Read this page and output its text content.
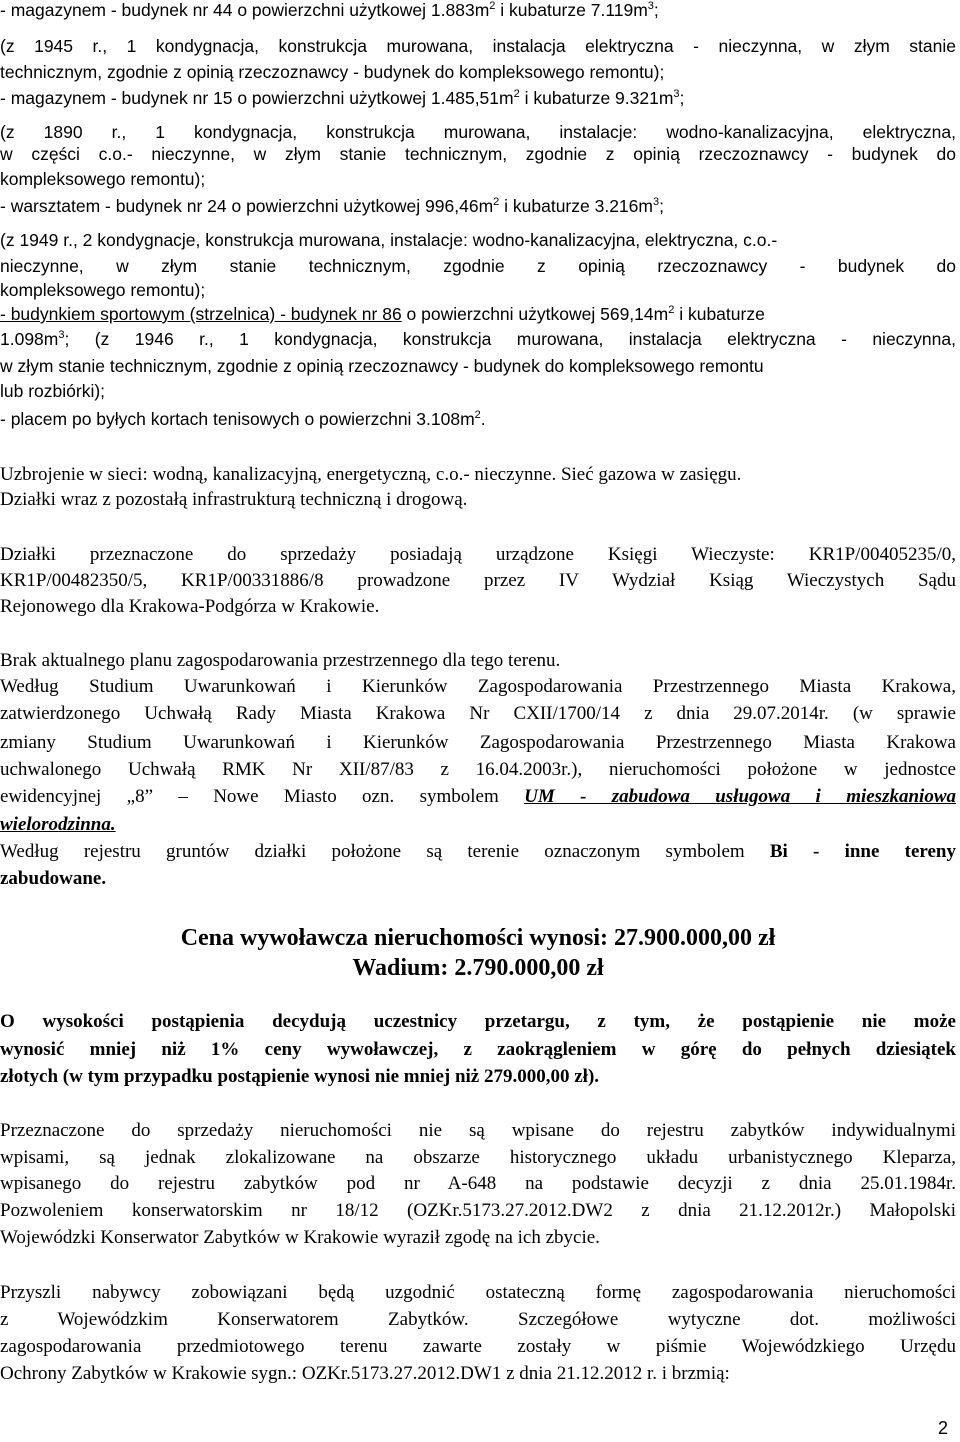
- magazynem - budynek nr 44 o powierzchni użytkowej $1.883m^2$ i kubaturze $7.119m^3$;
(z 1945 r., 1 kondygnacja, konstrukcja murowana, instalacja elektryczna - nieczynna, w złym stanie
technicznym, zgodnie z opinią rzeczoznawcy - budynek do kompleksowego remontu);
- magazynem - budynek nr 15 o powierzchni użytkowej $1.485,51m^2$ i kubaturze $9.321m^3$;
(z 1890 r., 1 kondygnacja, konstrukcja murowana, instalacje: wodno-kanalizacyjna, elektryczna,
w części c.o.- nieczynne, w złym stanie technicznym, zgodnie z opinią rzeczoznawcy - budynek do
kompleksowego remontu);
- warsztatem - budynek nr 24 o powierzchni użytkowej $996,46m^2$ i kubaturze $3.216m^3$;
(z 1949 r., 2 kondygnacje, konstrukcja murowana, instalacje: wodno-kanalizacyjna, elektryczna, c.o.-
nieczynne, w złym stanie technicznym, zgodnie z opinią rzeczoznawcy - budynek do
kompleksowego remontu);
- budynkiem sportowym (strzelnica) - budynek nr 86 o powierzchni użytkowej $569,14m^2$ i kubaturze
$1.098m^3$; (z 1946 r., 1 kondygnacja, konstrukcja murowana, instalacja elektryczna - nieczynna,
w złym stanie technicznym, zgodnie z opinią rzeczoznawcy - budynek do kompleksowego remontu
lub rozbiórki);
- placem po byłych kortach tenisowych o powierzchni $3.108m^2$.
Uzbrojenie w sieci: wodną, kanalizacyjną, energetyczną, c.o.- nieczynne. Sieć gazowa w zasięgu.
Działki wraz z pozostałą infrastrukturą techniczną i drogową.
Działki przeznaczone do sprzedaży posiadają urządzone Księgi Wieczyste: KR1P/00405235/0,
KR1P/00482350/5, KR1P/00331886/8 prowadzone przez IV Wydział Ksiąg Wieczystych Sądu
Rejonowego dla Krakowa-Podgórza w Krakowie.
Brak aktualnego planu zagospodarowania przestrzennego dla tego terenu.
Według Studium Uwarunkowań i Kierunków Zagospodarowania Przestrzennego Miasta Krakowa,
zatwierdzonego Uchwałą Rady Miasta Krakowa Nr CXII/1700/14 z dnia 29.07.2014r. (w sprawie
zmiany Studium Uwarunkowań i Kierunków Zagospodarowania Przestrzennego Miasta Krakowa
uchwalonego Uchwałą RMK Nr XII/87/83 z 16.04.2003r.), nieruchomości położone w jednostce
ewidencyjnej „8” – Nowe Miasto ozn. symbolem UM - zabudowa usługowa i mieszkaniowa
wielorodzinna.
Według rejestru gruntów działki położone są terenie oznaczonym symbolem Bi - inne tereny
zabudowane.
Cena wywoławcza nieruchomości wynosi: 27.900.000,00 zł
Wadium: 2.790.000,00 zł
O wysokości postąpienia decydują uczestnicy przetargu, z tym, że postąpienie nie może
wynosić mniej niż 1% ceny wywoławczej, z zaokrągleniem w górę do pełnych dziesiątek
złotych (w tym przypadku postąpienie wynosi nie mniej niż 279.000,00 zł).
Przeznaczone do sprzedaży nieruchomości nie są wpisane do rejestru zabytków indywidualnymi
wpisami, są jednak zlokalizowane na obszarze historycznego układu urbanistycznego Kleparza,
wpisanego do rejestru zabytków pod nr A-648 na podstawie decyzji z dnia 25.01.1984r.
Pozwoleniem konserwatorskim nr 18/12 (OZKr.5173.27.2012.DW2 z dnia 21.12.2012r.) Małopolski
Wojewódzki Konserwator Zabytków w Krakowie wyraził zgodę na ich zbycie.
Przyszli nabywcy zobowiązani będą uzgodnić ostateczną formę zagospodarowania nieruchomości
z Wojewódzkim Konserwatorem Zabytków. Szczegółowe wytyczne dot. możliwości
zagospodarowania przedmiotowego terenu zawarte zostały w piśmie Wojewódzkiego Urzędu
Ochrony Zabytków w Krakowie sygn.: OZKr.5173.27.2012.DW1 z dnia 21.12.2012 r. i brzmią:
2
